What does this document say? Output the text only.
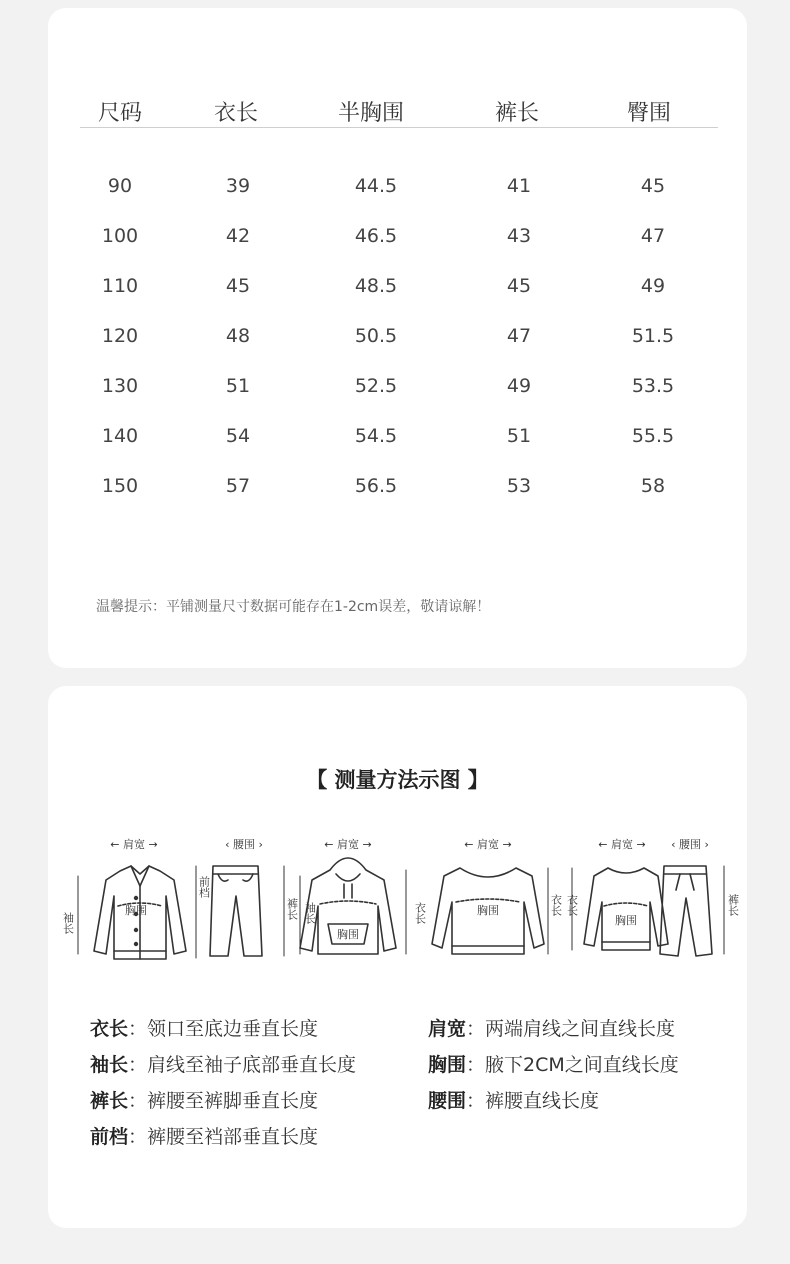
尺码	衣长	半胸围	裤长	臀围
90	39	44.5	41	45
100	42	46.5	43	47
110	45	48.5	45	49
120	48	50.5	47	51.5
130	51	52.5	49	53.5
140	54	54.5	51	55.5
150	57	56.5	53	58
温馨提示：平铺测量尺寸数据可能存在1-2cm误差，敬请谅解！
【 测量方法示图 】
← 肩宽 →	‹ 腰围 ›	← 肩宽 →	← 肩宽 →	← 肩宽 → ‹ 腰围 ›
胸围
胸围
胸围
胸围
袖长
前档
裤长 袖长	衣长	衣长 衣长	裤长
衣长：领口至底边垂直长度	肩宽：两端肩线之间直线长度
袖长：肩线至袖子底部垂直长度	胸围：腋下2CM之间直线长度
裤长：裤腰至裤脚垂直长度	腰围：裤腰直线长度
前档：裤腰至裆部垂直长度
